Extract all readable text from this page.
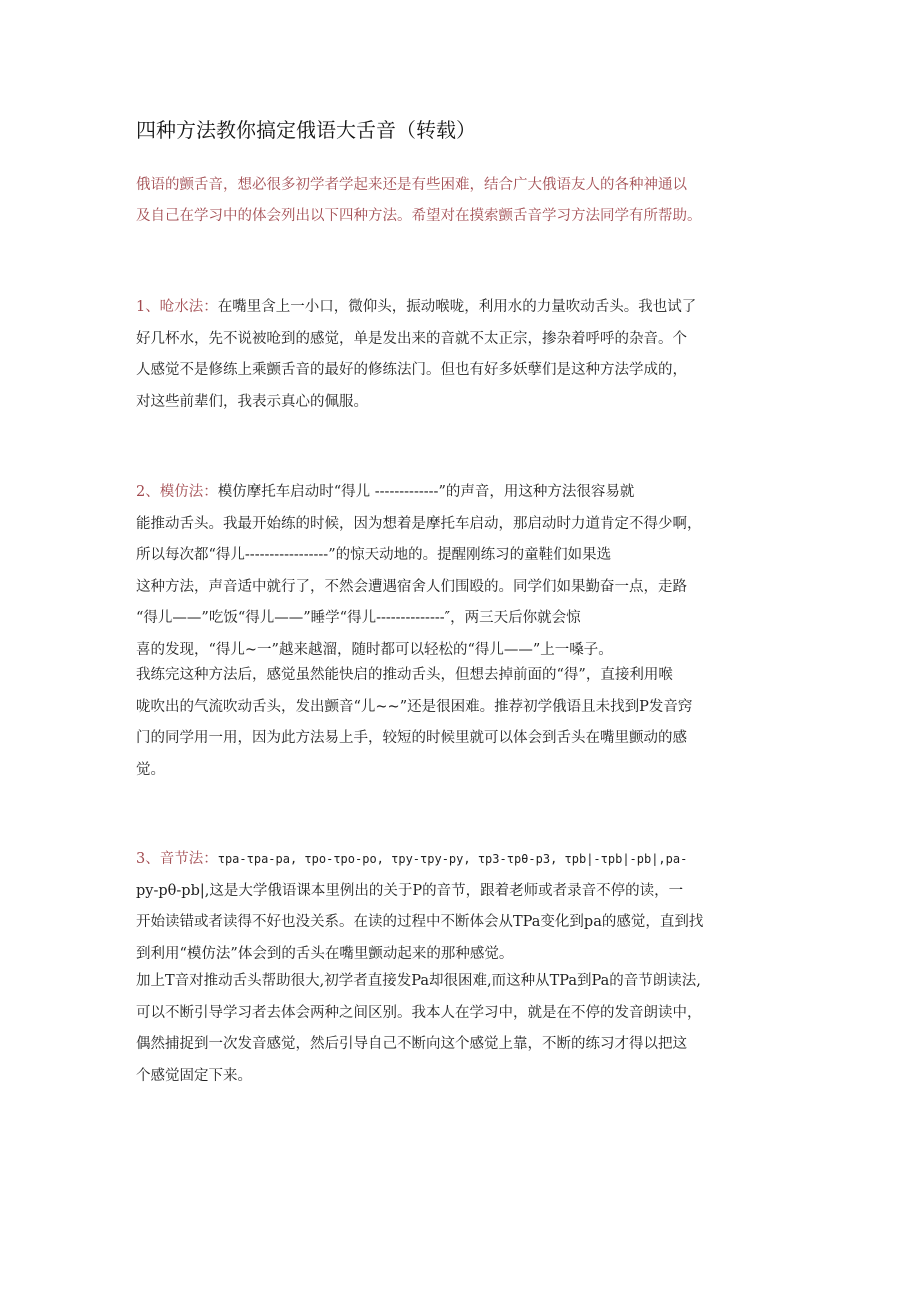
四种方法教你搞定俄语大舌音（转载）
俄语的颤舌音，想必很多初学者学起来还是有些困难，结合广大俄语友人的各种神通以
及自己在学习中的体会列出以下四种方法。希望对在摸索颤舌音学习方法同学有所帮助。
1、呛水法：在嘴里含上一小口，微仰头，振动喉咙，利用水的力量吹动舌头。我也试了
好几杯水，先不说被呛到的感觉，单是发出来的音就不太正宗，掺杂着呼呼的杂音。个
人感觉不是修练上乘颤舌音的最好的修练法门。但也有好多妖孽们是这种方法学成的，
对这些前辈们，我表示真心的佩服。
2、模仿法：模仿摩托车启动时“得儿 -------------”的声音，用这种方法很容易就
能推动舌头。我最开始练的时候，因为想着是摩托车启动，那启动时力道肯定不得少啊，
所以每次都“得儿-----------------”的惊天动地的。提醒刚练习的童鞋们如果选
这种方法，声音适中就行了，不然会遭遇宿舍人们围殴的。同学们如果勤奋一点，走路
“得儿——”吃饭“得儿——”睡学“得儿--------------″，两三天后你就会惊
喜的发现，“得儿~一”越来越溜，随时都可以轻松的“得儿——”上一嗓子。
我练完这种方法后，感觉虽然能快启的推动舌头，但想去掉前面的“得”，直接利用喉
咙吹出的气流吹动舌头，发出颤音“儿~~”还是很困难。推荐初学俄语且未找到P发音窍
门的同学用一用，因为此方法易上手，较短的时候里就可以体会到舌头在嘴里颤动的感
觉。
3、音节法：τpa-τpa-pa, τpo-τpo-po, τpy-τpy-py, τp3-τpθ-p3, τpb|-τpb|-pb|,pa-
py-pθ-pb|,这是大学俄语课本里例出的关于P的音节，跟着老师或者录音不停的读，一
开始读错或者读得不好也没关系。在读的过程中不断体会从TPa变化到pa的感觉，直到找
到利用“模仿法”体会到的舌头在嘴里颤动起来的那种感觉。
加上T音对推动舌头帮助很大,初学者直接发Pa却很困难,而这种从TPa到Pa的音节朗读法,
可以不断引导学习者去体会两种之间区别。我本人在学习中，就是在不停的发音朗读中，
偶然捕捉到一次发音感觉，然后引导自己不断向这个感觉上靠，不断的练习才得以把这
个感觉固定下来。
